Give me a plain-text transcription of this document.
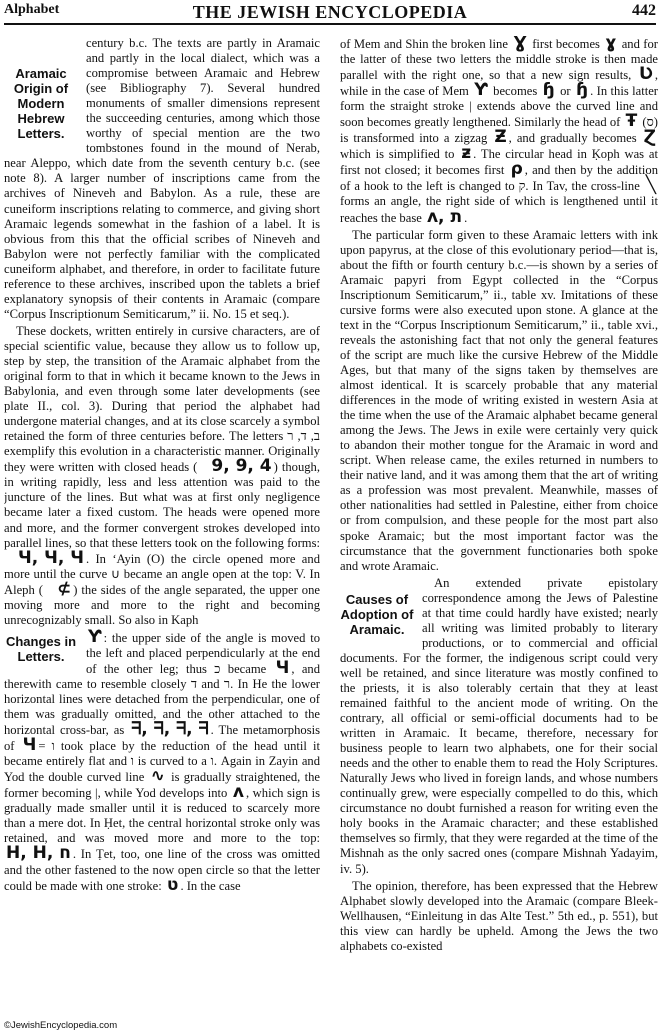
Alphabet	THE JEWISH ENCYCLOPEDIA	442
Aramaic Origin of Modern Hebrew Letters.

century b.c. The texts are partly in Aramaic and partly in the local dialect, which was a compromise between Aramaic and Hebrew (see Bibliography 7). Several hundred monuments of smaller dimensions represent the succeeding centuries, among which those worthy of special mention are the two tombstones found in the mound of Nerab, near Aleppo, which date from the seventh century b.c. (see note 8). A larger number of inscriptions came from the archives of Nineveh and Babylon. As a rule, these are cuneiform inscriptions relating to commerce, and giving short Aramaic legends somewhat in the fashion of a label. It is obvious from this that the official scribes of Nineveh and Babylon were not perfectly familiar with the complicated cuneiform alphabet, and therefore, in order to facilitate future reference to these archives, inscribed upon the tablets a brief explanatory synopsis of their contents in Aramaic (compare “Corpus Inscriptionum Semiticarum,” ii. No. 15 et seq.).

These dockets, written entirely in cursive characters, are of special scientific value, because they allow us to follow up, step by step, the transition of the Aramaic alphabet from the original form to that in which it became known to the Jews in Babylonia, and even through some later developments (see plate II., col. 3). During that period the alphabet had undergone material changes, and at its close scarcely a symbol retained the form of three centuries before. The letters ב, ד, ר exemplify this evolution in a characteristic manner. Originally they were written with closed heads ( 9, 9, 4 ) though, in writing rapidly, less and less attention was paid to the juncture of the lines. But what was at first only negligence became later a fixed custom. The heads were opened more and more, and the former convergent strokes developed into parallel lines, so that these letters took on the following forms: Ч, Ч, Ч . In ‘Ayin (O) the circle opened more and more until the curve ∪ became an angle open at the top: V. In Aleph ( ⊄ ) the sides of the angle separated, the upper one moving more and more to the right and becoming unrecognizably small. So also in Kaph

Changes in Letters.

Ƴ : the upper side of the angle is moved to the left and placed perpendicularly at the end of the other leg; thus כ became Ч , and therewith came to resemble closely ד and ר. In He the lower horizontal lines were detached from the perpendicular, one of them was gradually omitted, and the other attached to the horizontal cross-bar, as ᖷ, ᖷ, ᖷ, ᖷ . The metamorphosis of Ч = ו took place by the reduction of the head until it became entirely flat and ו is curved to a ו. Again in Zayin and Yod the double curved line ∿ is gradually straightened, the former becoming |, while Yod develops into ʌ , which sign is gradually made smaller until it is reduced to scarcely more than a mere dot. In Ḥet, the central horizontal stroke only was retained, and was moved more and more to the top: H, H, ח . In Ṭet, too, one line of the cross was omitted and the other fastened to the now open circle so that the letter could be made with one stroke: ט . In the case

of Mem and Shin the broken line Ɣ first becomes ɣ and for the latter of these two letters the middle stroke is then made parallel with the right one, so that a new sign results, Ʋ , while in the case of Mem Ƴ becomes ɧ or ɧ . In this latter form the straight stroke | extends above the curved line and soon becomes greatly lengthened. Similarly the head of Ŧ (ס) is transformed into a zigzag Ƶ , and gradually becomes Ɀ which is simplified to ƶ . The circular head in Ḳoph was at first not closed; it becomes first ρ , and then by the addition of a hook to the left is changed to ק. In Tav, the cross-line ╲ forms an angle, the right side of which is lengthened until it reaches the base ʌ, ת .

The particular form given to these Aramaic letters with ink upon papyrus, at the close of this evolutionary period—that is, about the fifth or fourth century b.c.—is shown by a series of Aramaic papyri from Egypt collected in the “Corpus Inscriptionum Semiticarum,” ii., table xv. Imitations of these cursive forms were also executed upon stone. A glance at the text in the “Corpus Inscriptionum Semiticarum,” ii., table xvi., reveals the astonishing fact that not only the general features of the script are much like the cursive Hebrew of the Middle Ages, but that many of the signs taken by themselves are almost identical. It is scarcely probable that any material differences in the mode of writing existed in western Asia at the time when the use of the Aramaic alphabet became general among the Jews. The Jews in exile were certainly very quick to abandon their mother tongue for the Aramaic in word and script. When release came, the exiles returned in numbers to their native land, and it was among them that the art of writing as a profession was most prevalent. Meanwhile, masses of other nationalities had settled in Palestine, either from choice or from compulsion, and these people for the most part also spoke Aramaic; but the most important factor was the circumstance that the government functionaries both spoke and wrote Aramaic.

Causes of Adoption of Aramaic.

An extended private epistolary correspondence among the Jews of Palestine at that time could hardly have existed; nearly all writing was limited probably to literary productions, or to commercial and official documents. For the former, the indigenous script could very well be retained, and since literature was mostly confined to the priests, it is also tolerably certain that they at least remained faithful to the ancient mode of writing. On the contrary, all official or semi-official documents had to be written in Aramaic. It became, therefore, necessary for business people to learn two alphabets, one for their social needs and the other to enable them to read the Holy Scriptures. Naturally Jews who lived in foreign lands, and whose numbers continually grew, were especially compelled to do this, which circumstance no doubt furnished a reason for writing even the holy books in the Aramaic character; and these established themselves so firmly, that they were regarded at the time of the Mishnah as the only sacred ones (compare Mishnah Yadayim, iv. 5).

The opinion, therefore, has been expressed that the Hebrew Alphabet slowly developed into the Aramaic (compare Bleek-Wellhausen, “Einleitung in das Alte Test.” 5th ed., p. 551), but this view can hardly be upheld. Among the Jews the two alphabets co-existed

©JewishEncyclopedia.com
